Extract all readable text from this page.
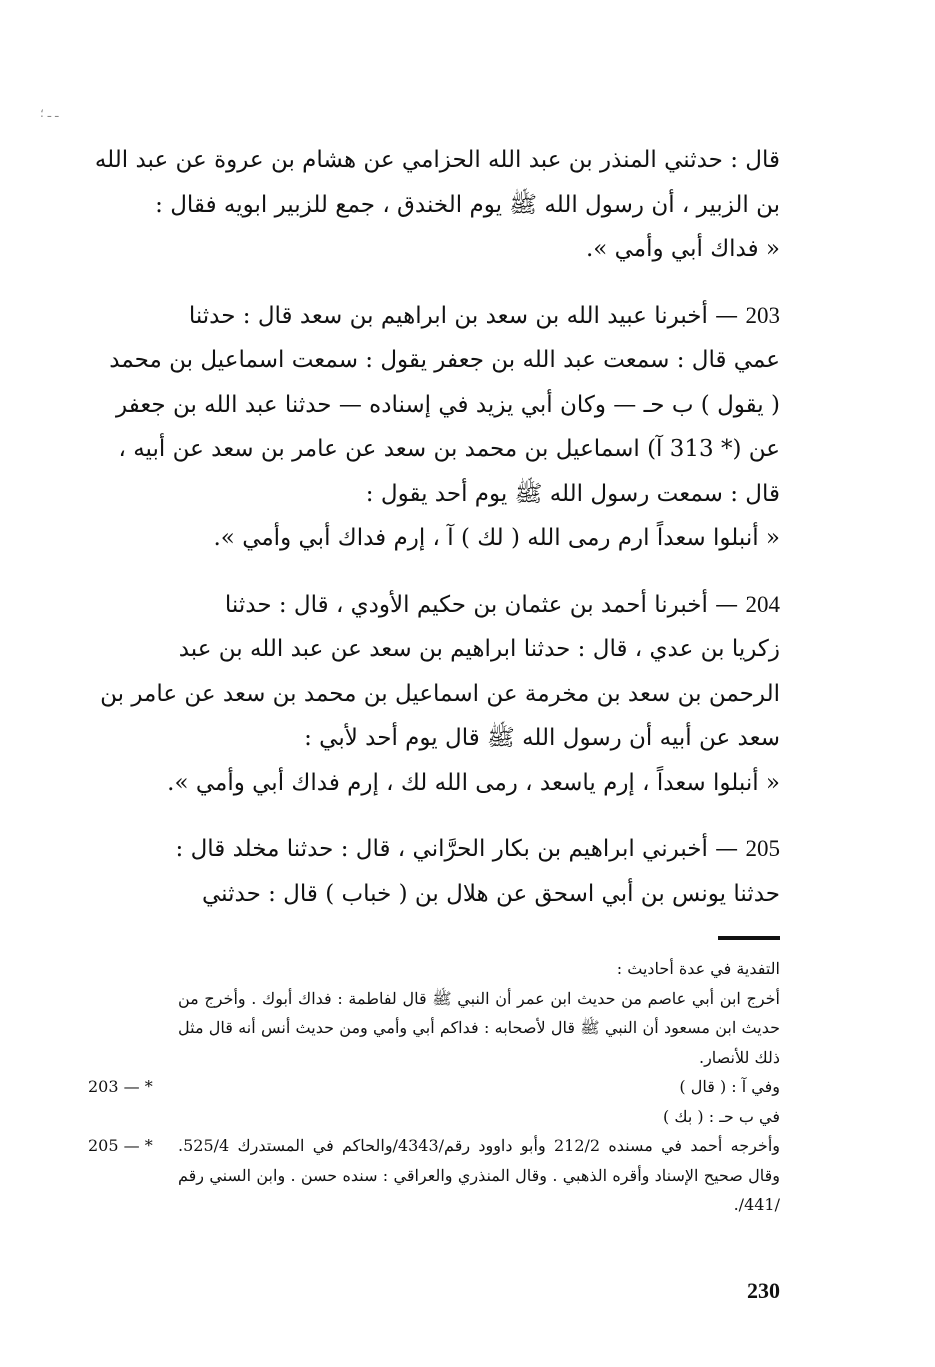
ـ ـ ؛
قال : حدثني المنذر بن عبد الله الحزامي عن هشام بن عروة عن عبد الله
بن الزبير ، أن رسول الله ﷺ يوم الخندق ، جمع للزبير ابويه فقال :
« فداك أبي وأمي ».
203 — أخبرنا عبيد الله بن سعد بن ابراهيم بن سعد قال : حدثنا
عمي قال : سمعت عبد الله بن جعفر يقول : سمعت اسماعيل بن محمد
( يقول ) ب حـ — وكان أبي يزيد في إسناده — حدثنا عبد الله بن جعفر
عن (* 313 آ) اسماعيل بن محمد بن سعد عن عامر بن سعد عن أبيه ،
قال : سمعت رسول الله ﷺ يوم أحد يقول :
« أنبلوا سعداً ارم رمى الله ( لك ) آ ، إرم فداك أبي وأمي ».
204 — أخبرنا أحمد بن عثمان بن حكيم الأودي ، قال : حدثنا
زكريا بن عدي ، قال : حدثنا ابراهيم بن سعد عن عبد الله بن عبد
الرحمن بن سعد بن مخرمة عن اسماعيل بن محمد بن سعد عن عامر بن
سعد عن أبيه أن رسول الله ﷺ قال يوم أحد لأبي :
« أنبلوا سعداً ، إرم ياسعد ، رمى الله لك ، إرم فداك أبي وأمي ».
205 — أخبرني ابراهيم بن بكار الحرَّاني ، قال : حدثنا مخلد قال :
حدثنا يونس بن أبي اسحق عن هلال بن ( خباب ) قال : حدثني
التفدية في عدة أحاديث :
أخرج ابن أبي عاصم من حديث ابن عمر أن النبي ﷺ قال لفاطمة : فداك أبوك . وأخرج من حديث ابن مسعود أن النبي ﷺ قال لأصحابه : فداكم أبي وأمي ومن حديث أنس أنه قال مثل ذلك للأنصار.
وفي آ : ( قال )
203 — *
في ب حـ : ( بك )
وأخرجه أحمد في مسنده 212/2 وأبو داوود رقم/4343/والحاكم في المستدرك 525/4. وقال صحيح الإسناد وأقره الذهبي . وقال المنذري والعراقي : سنده حسن . وابن السني رقم /441/.
205 — *
230
